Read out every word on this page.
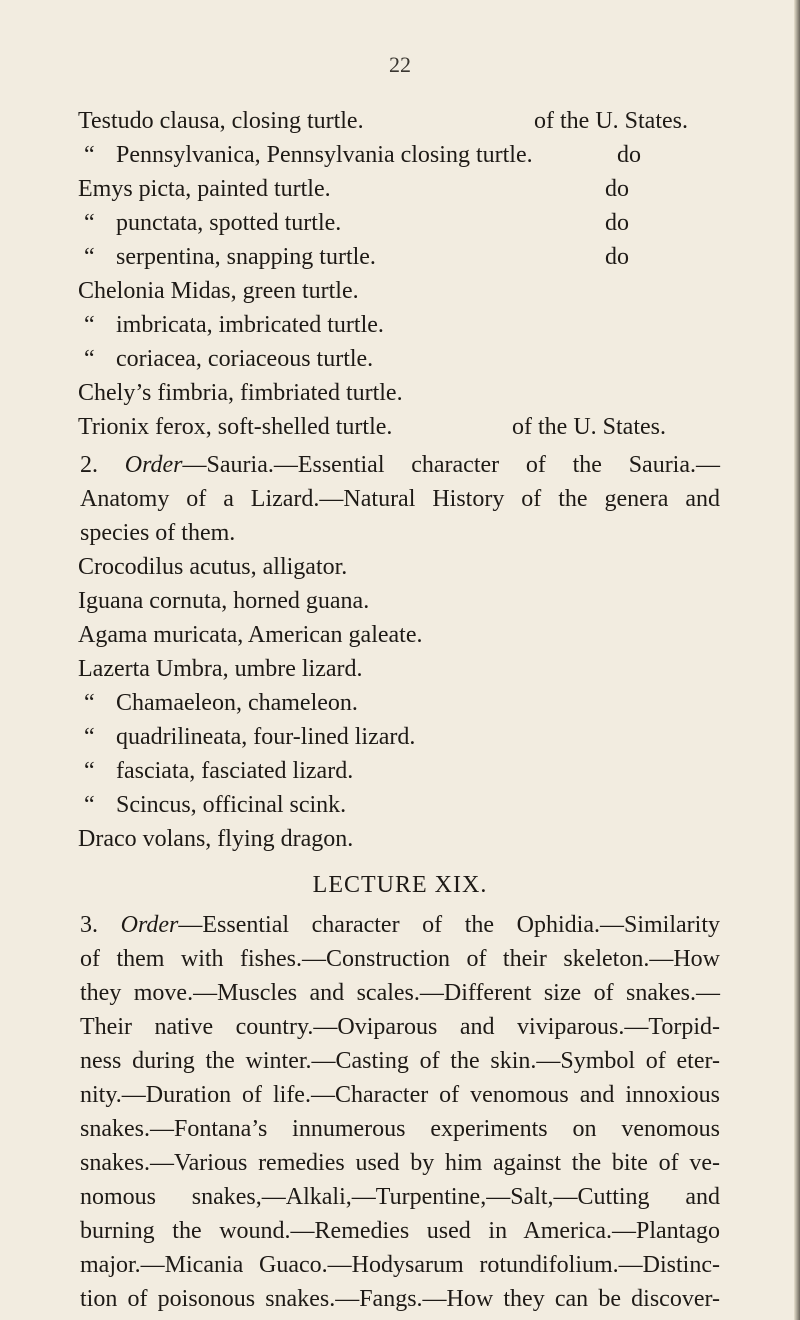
22
Testudo clausa, closing turtle.	of the U. States.
“ Pennsylvanica, Pennsylvania closing turtle.	do
Emys picta, painted turtle.	do
“ punctata, spotted turtle.	do
“ serpentina, snapping turtle.	do
Chelonia Midas, green turtle.
“ imbricata, imbricated turtle.
“ coriacea, coriaceous turtle.
Chely’s fimbria, fimbriated turtle.
Trionix ferox, soft-shelled turtle.	of the U. States.
2. Order—Sauria.—Essential character of the Sauria.—
Anatomy of a Lizard.—Natural History of the genera and
species of them.
Crocodilus acutus, alligator.
Iguana cornuta, horned guana.
Agama muricata, American galeate.
Lazerta Umbra, umbre lizard.
“ Chamaeleon, chameleon.
“ quadrilineata, four-lined lizard.
“ fasciata, fasciated lizard.
“ Scincus, officinal scink.
Draco volans, flying dragon.
LECTURE XIX.
3. Order—Essential character of the Ophidia.—Similarity
of them with fishes.—Construction of their skeleton.—How
they move.—Muscles and scales.—Different size of snakes.—
Their native country.—Oviparous and viviparous.—Torpid-
ness during the winter.—Casting of the skin.—Symbol of eter-
nity.—Duration of life.—Character of venomous and innoxious
snakes.—Fontana’s innumerous experiments on venomous
snakes.—Various remedies used by him against the bite of ve-
nomous snakes,—Alkali,—Turpentine,—Salt,—Cutting and
burning the wound.—Remedies used in America.—Plantago
major.—Micania Guaco.—Hodysarum rotundifolium.—Distinc-
tion of poisonous snakes.—Fangs.—How they can be discover-
